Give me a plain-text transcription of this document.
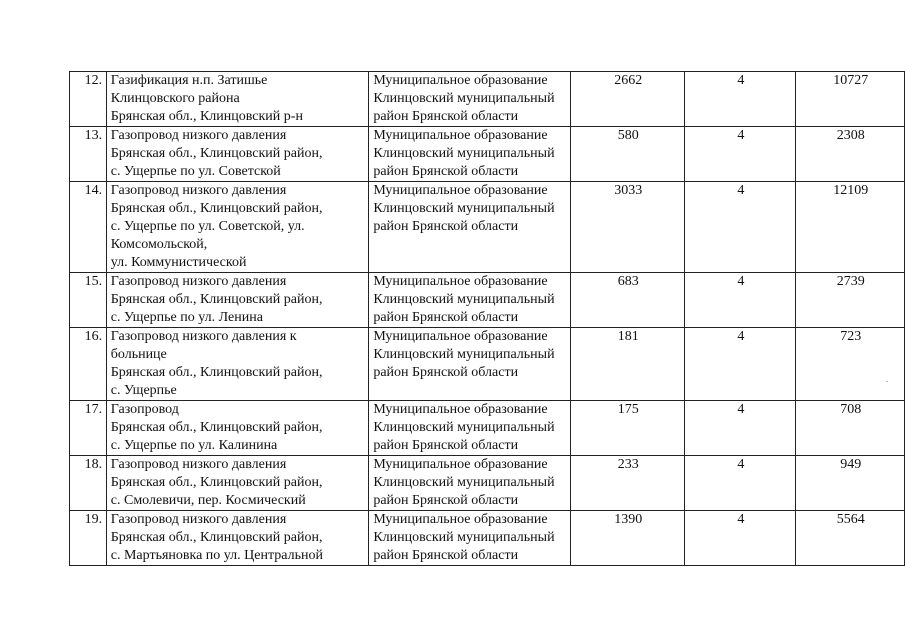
12.	Газификация н.п. Затишье
Клинцовского района
Брянская обл., Клинцовский р-н	Муниципальное образование
Клинцовский муниципальный
район Брянской области	2662	4	10727
13.	Газопровод низкого давления
Брянская обл., Клинцовский район,
с. Ущерпье по ул. Советской	Муниципальное образование
Клинцовский муниципальный
район Брянской области	580	4	2308
14.	Газопровод низкого давления
Брянская обл., Клинцовский район,
с. Ущерпье по ул. Советской, ул.
Комсомольской,
ул. Коммунистической	Муниципальное образование
Клинцовский муниципальный
район Брянской области	3033	4	12109
15.	Газопровод низкого давления
Брянская обл., Клинцовский район,
с. Ущерпье по ул. Ленина	Муниципальное образование
Клинцовский муниципальный
район Брянской области	683	4	2739
16.	Газопровод низкого давления к
больнице
Брянская обл., Клинцовский район,
с. Ущерпье	Муниципальное образование
Клинцовский муниципальный
район Брянской области	181	4	723
17.	Газопровод
Брянская обл., Клинцовский район,
с. Ущерпье по ул. Калинина	Муниципальное образование
Клинцовский муниципальный
район Брянской области	175	4	708
18.	Газопровод низкого давления
Брянская обл., Клинцовский район,
с. Смолевичи, пер. Космический	Муниципальное образование
Клинцовский муниципальный
район Брянской области	233	4	949
19.	Газопровод низкого давления
Брянская обл., Клинцовский район,
с. Мартьяновка по ул. Центральной	Муниципальное образование
Клинцовский муниципальный
район Брянской области	1390	4	5564
